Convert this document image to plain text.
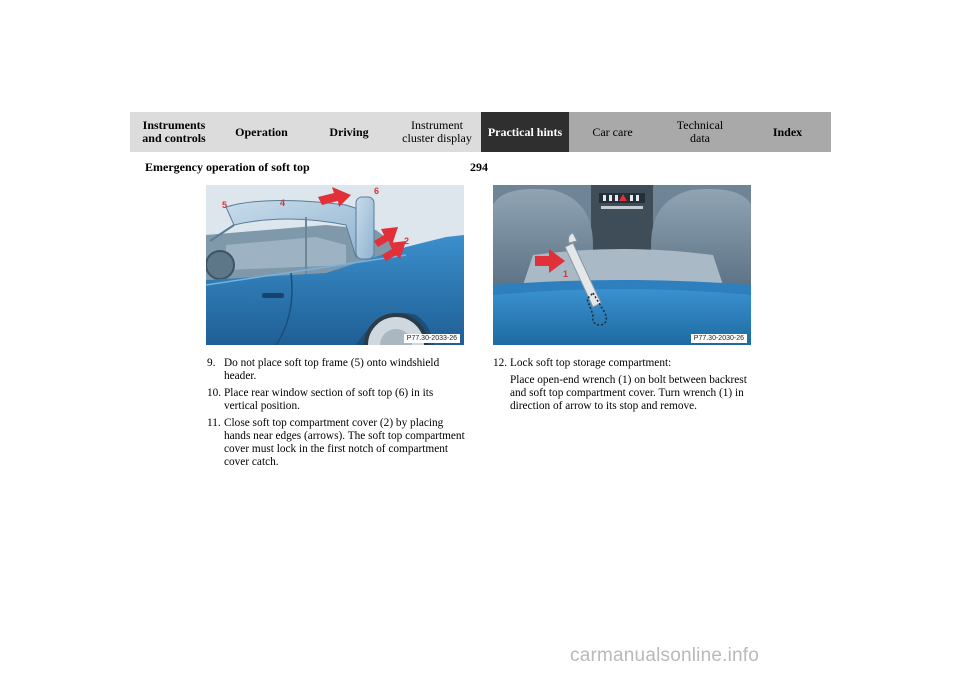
Instruments
and controls Operation	Driving	Instrument
cluster display Practical hints	Car care	Technical
data	Index
Emergency operation of soft top	294
5	4
6
2
P77.30-2033-26
1
P77.30-2030-26
9. Do not place soft top frame (5) onto windshield header.
10. Place rear window section of soft top (6) in its vertical position.
11. Close soft top compartment cover (2) by placing hands near edges (arrows). The soft top compartment cover must lock in the first notch of compartment cover catch.
12. Lock soft top storage compartment:
Place open-end wrench (1) on bolt between backrest and soft top compartment cover. Turn wrench (1) in direction of arrow to its stop and remove.
carmanualsonline.info
